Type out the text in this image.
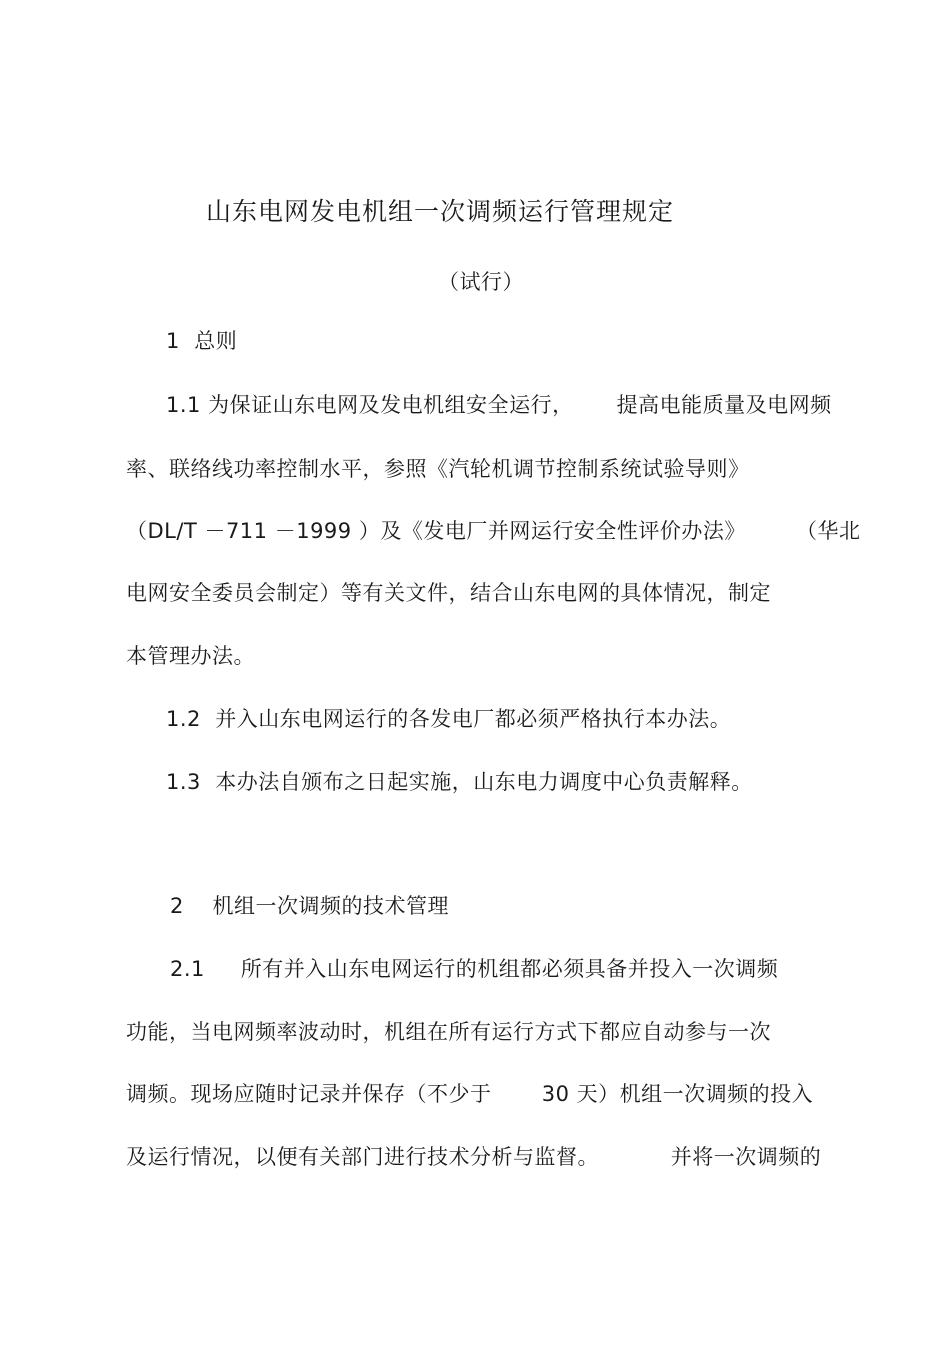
山东电网发电机组一次调频运行管理规定
（试行）
1  总则
1.1 为保证山东电网及发电机组安全运行，      提高电能质量及电网频
率、联络线功率控制水平，参照《汽轮机调节控制系统试验导则》
（DL/T －711 －1999 ）及《发电厂并网运行安全性评价办法》       （华北
电网安全委员会制定）等有关文件，结合山东电网的具体情况，制定
本管理办法。
1.2  并入山东电网运行的各发电厂都必须严格执行本办法。
1.3  本办法自颁布之日起实施，山东电力调度中心负责解释。
2    机组一次调频的技术管理
2.1     所有并入山东电网运行的机组都必须具备并投入一次调频
功能，当电网频率波动时，机组在所有运行方式下都应自动参与一次
调频。现场应随时记录并保存（不少于       30 天）机组一次调频的投入
及运行情况，以便有关部门进行技术分析与监督。          并将一次调频的
